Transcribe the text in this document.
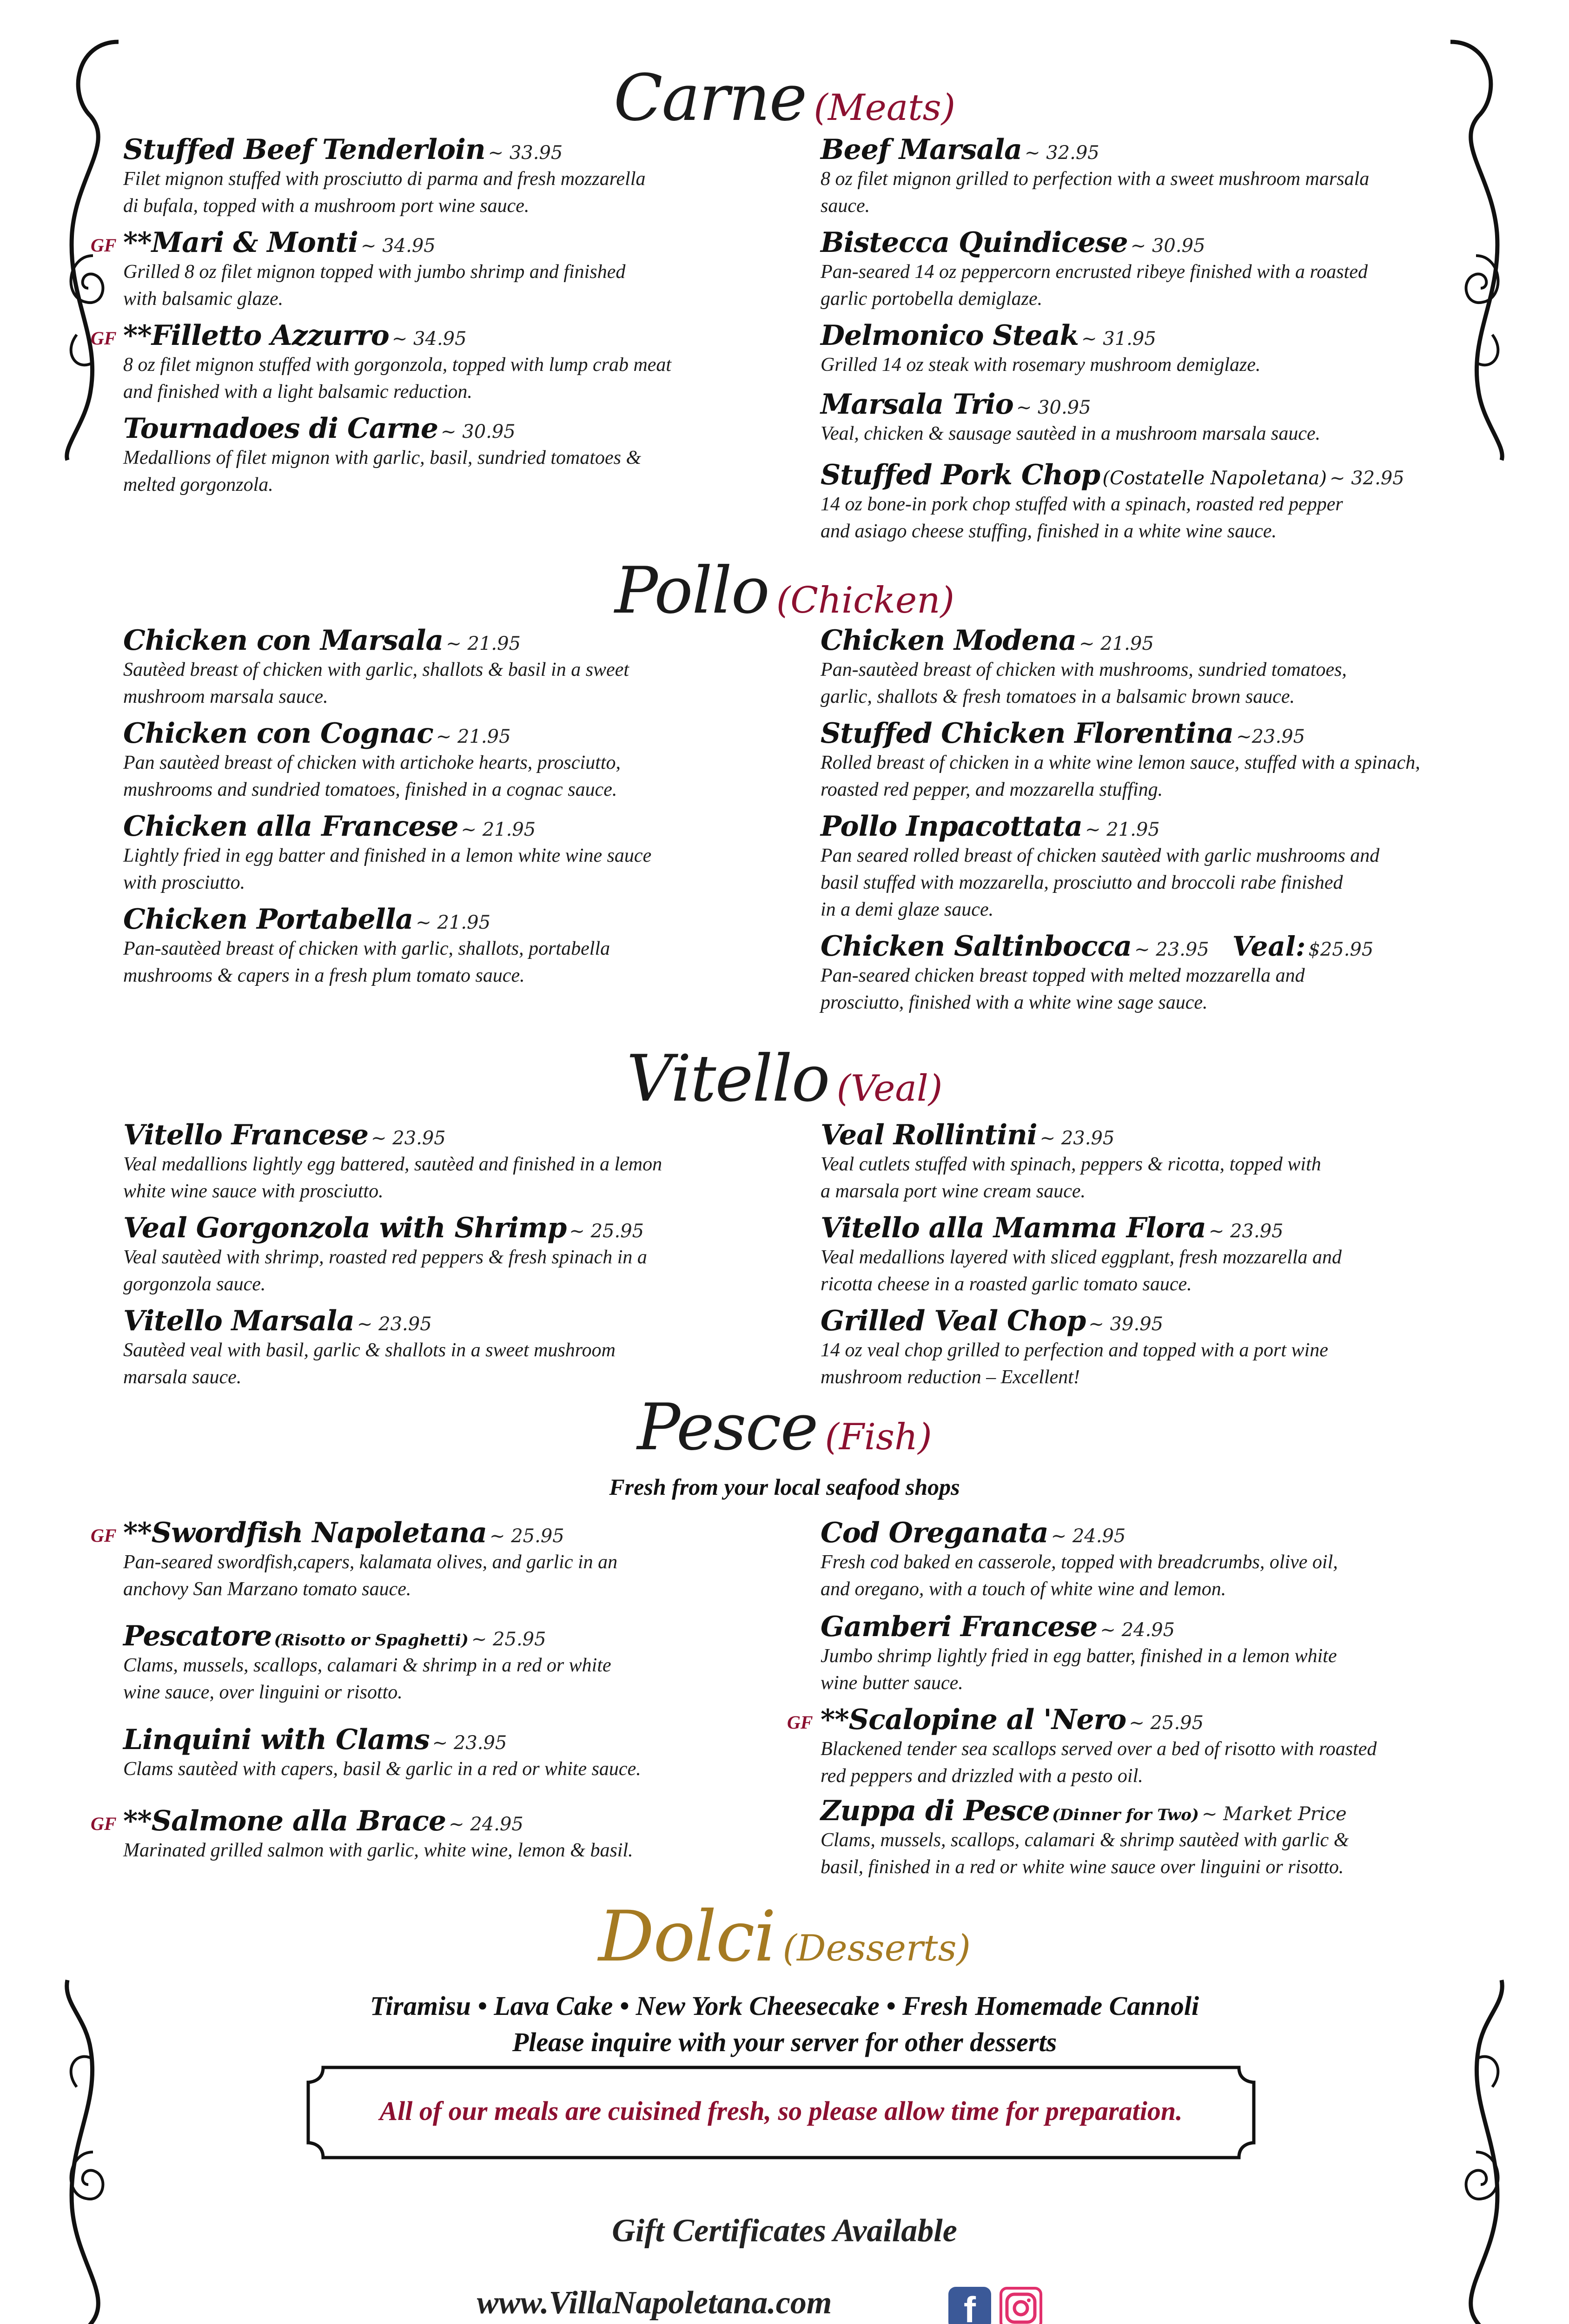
Carne (Meats)
Stuffed Beef Tenderloin ~ 33.95
Filet mignon stuffed with prosciutto di parma and fresh mozzarella
di bufala, topped with a mushroom port wine sauce.
GF **Mari & Monti ~ 34.95
Grilled 8 oz filet mignon topped with jumbo shrimp and finished
with balsamic glaze.
GF **Filletto Azzurro ~ 34.95
8 oz filet mignon stuffed with gorgonzola, topped with lump crab meat
and finished with a light balsamic reduction.
Tournadoes di Carne ~ 30.95
Medallions of filet mignon with garlic, basil, sundried tomatoes &
melted gorgonzola.
Beef Marsala ~ 32.95
8 oz filet mignon grilled to perfection with a sweet mushroom marsala
sauce.
Bistecca Quindicese ~ 30.95
Pan-seared 14 oz peppercorn encrusted ribeye finished with a roasted
garlic portobella demiglaze.
Delmonico Steak ~ 31.95
Grilled 14 oz steak with rosemary mushroom demiglaze.
Marsala Trio ~ 30.95
Veal, chicken & sausage sautèed in a mushroom marsala sauce.
Stuffed Pork Chop (Costatelle Napoletana) ~ 32.95
14 oz bone-in pork chop stuffed with a spinach, roasted red pepper
and asiago cheese stuffing, finished in a white wine sauce.
Pollo (Chicken)
Chicken con Marsala ~ 21.95
Sautèed breast of chicken with garlic, shallots & basil in a sweet
mushroom marsala sauce.
Chicken con Cognac ~ 21.95
Pan sautèed breast of chicken with artichoke hearts, prosciutto,
mushrooms and sundried tomatoes, finished in a cognac sauce.
Chicken alla Francese ~ 21.95
Lightly fried in egg batter and finished in a lemon white wine sauce
with prosciutto.
Chicken Portabella ~ 21.95
Pan-sautèed breast of chicken with garlic, shallots, portabella
mushrooms & capers in a fresh plum tomato sauce.
Chicken Modena ~ 21.95
Pan-sautèed breast of chicken with mushrooms, sundried tomatoes,
garlic, shallots & fresh tomatoes in a balsamic brown sauce.
Stuffed Chicken Florentina ~23.95
Rolled breast of chicken in a white wine lemon sauce, stuffed with a spinach,
roasted red pepper, and mozzarella stuffing.
Pollo Inpacottata ~ 21.95
Pan seared rolled breast of chicken sautèed with garlic mushrooms and
basil stuffed with mozzarella, prosciutto and broccoli rabe finished
in a demi glaze sauce.
Chicken Saltinbocca ~ 23.95 Veal: $25.95
Pan-seared chicken breast topped with melted mozzarella and
prosciutto, finished with a white wine sage sauce.
Vitello (Veal)
Vitello Francese ~ 23.95
Veal medallions lightly egg battered, sautèed and finished in a lemon
white wine sauce with prosciutto.
Veal Gorgonzola with Shrimp ~ 25.95
Veal sautèed with shrimp, roasted red peppers & fresh spinach in a
gorgonzola sauce.
Vitello Marsala ~ 23.95
Sautèed veal with basil, garlic & shallots in a sweet mushroom
marsala sauce.
Veal Rollintini ~ 23.95
Veal cutlets stuffed with spinach, peppers & ricotta, topped with
a marsala port wine cream sauce.
Vitello alla Mamma Flora ~ 23.95
Veal medallions layered with sliced eggplant, fresh mozzarella and
ricotta cheese in a roasted garlic tomato sauce.
Grilled Veal Chop ~ 39.95
14 oz veal chop grilled to perfection and topped with a port wine
mushroom reduction – Excellent!
Pesce (Fish)
Fresh from your local seafood shops
GF **Swordfish Napoletana ~ 25.95
Pan-seared swordfish,capers, kalamata olives, and garlic in an
anchovy San Marzano tomato sauce.
Pescatore (Risotto or Spaghetti) ~ 25.95
Clams, mussels, scallops, calamari & shrimp in a red or white
wine sauce, over linguini or risotto.
Linquini with Clams ~ 23.95
Clams sautèed with capers, basil & garlic in a red or white sauce.
GF **Salmone alla Brace ~ 24.95
Marinated grilled salmon with garlic, white wine, lemon & basil.
Cod Oreganata ~ 24.95
Fresh cod baked en casserole, topped with breadcrumbs, olive oil,
and oregano, with a touch of white wine and lemon.
Gamberi Francese ~ 24.95
Jumbo shrimp lightly fried in egg batter, finished in a lemon white
wine butter sauce.
GF **Scalopine al 'Nero ~ 25.95
Blackened tender sea scallops served over a bed of risotto with roasted
red peppers and drizzled with a pesto oil.
Zuppa di Pesce (Dinner for Two) ~ Market Price
Clams, mussels, scallops, calamari & shrimp sautèed with garlic &
basil, finished in a red or white wine sauce over linguini or risotto.
Dolci (Desserts)
Tiramisu • Lava Cake • New York Cheesecake • Fresh Homemade Cannoli
Please inquire with your server for other desserts
All of our meals are cuisined fresh, so please allow time for preparation.
Gift Certificates Available
www.VillaNapoletana.com	f
